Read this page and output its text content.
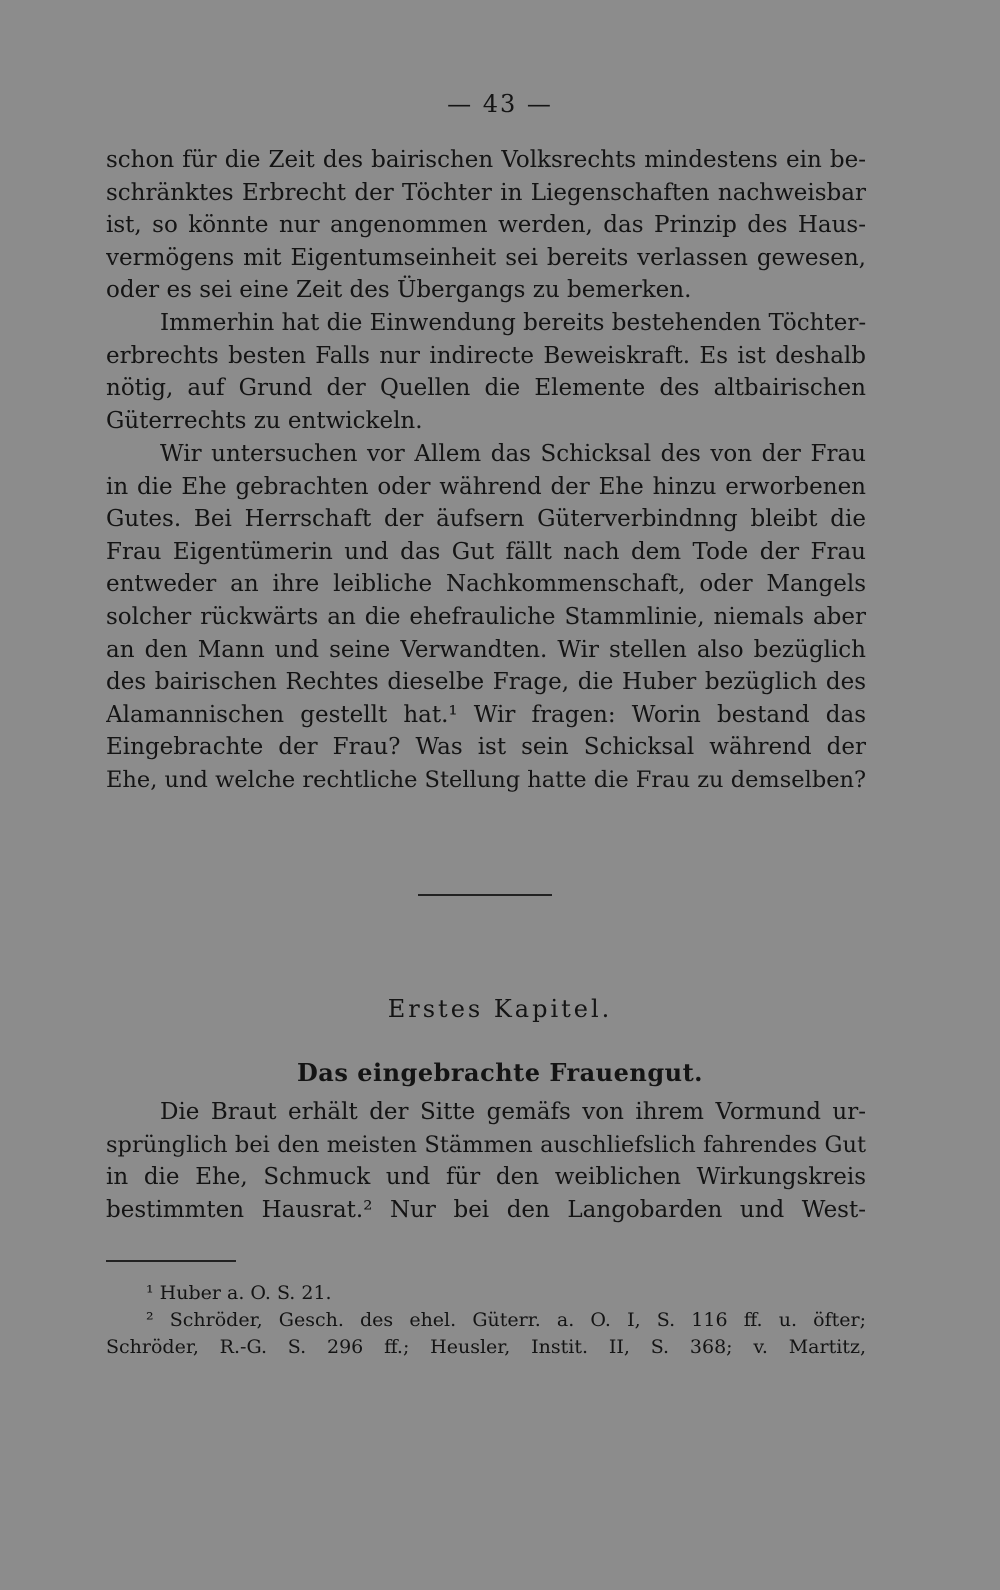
— 43 —
schon für die Zeit des bairischen Volksrechts mindestens ein be-
schränktes Erbrecht der Töchter in Liegenschaften nachweisbar
ist, so könnte nur angenommen werden, das Prinzip des Haus-
vermögens mit Eigentumseinheit sei bereits verlassen gewesen,
oder es sei eine Zeit des Übergangs zu bemerken.
Immerhin hat die Einwendung bereits bestehenden Töchter-
erbrechts besten Falls nur indirecte Beweiskraft. Es ist deshalb
nötig, auf Grund der Quellen die Elemente des altbairischen
Güterrechts zu entwickeln.
Wir untersuchen vor Allem das Schicksal des von der Frau
in die Ehe gebrachten oder während der Ehe hinzu erworbenen
Gutes. Bei Herrschaft der äufsern Güterverbindnng bleibt die
Frau Eigentümerin und das Gut fällt nach dem Tode der Frau
entweder an ihre leibliche Nachkommenschaft, oder Mangels
solcher rückwärts an die ehefrauliche Stammlinie, niemals aber
an den Mann und seine Verwandten. Wir stellen also bezüglich
des bairischen Rechtes dieselbe Frage, die Huber bezüglich des
Alamannischen gestellt hat.¹ Wir fragen: Worin bestand das
Eingebrachte der Frau? Was ist sein Schicksal während der
Ehe, und welche rechtliche Stellung hatte die Frau zu demselben?
Erstes Kapitel.
Das eingebrachte Frauengut.
Die Braut erhält der Sitte gemäfs von ihrem Vormund ur-
sprünglich bei den meisten Stämmen auschliefslich fahrendes Gut
in die Ehe, Schmuck und für den weiblichen Wirkungskreis
bestimmten Hausrat.² Nur bei den Langobarden und West-
¹ Huber a. O. S. 21.
² Schröder, Gesch. des ehel. Güterr. a. O. I, S. 116 ff. u. öfter;
Schröder, R.-G. S. 296 ff.; Heusler, Instit. II, S. 368; v. Martitz,
